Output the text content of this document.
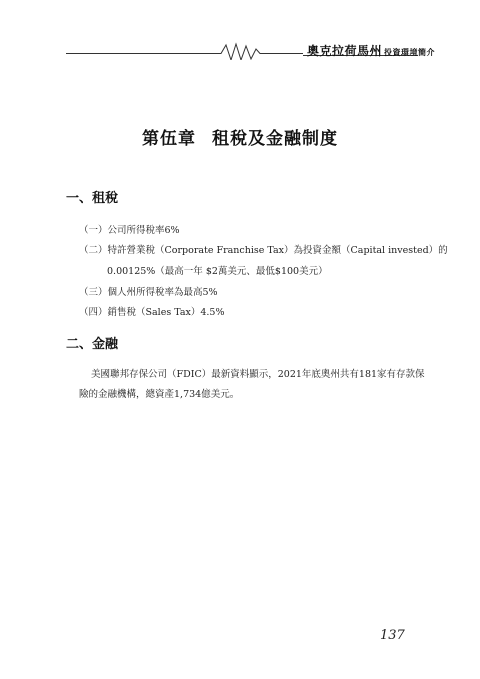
奧克拉荷馬州 投資環境簡介
第伍章 租稅及金融制度
一、租稅
（一）公司所得稅率6%
（二）特許營業稅（Corporate Franchise Tax）為投資金額（Capital invested）的
0.00125%（最高一年 $2萬美元、最低$100美元）
（三）個人州所得稅率為最高5%
（四）銷售稅（Sales Tax）4.5%
二、金融
美國聯邦存保公司（FDIC）最新資料顯示，2021年底奧州共有181家有存款保
險的金融機構，總資產1,734億美元。
137
